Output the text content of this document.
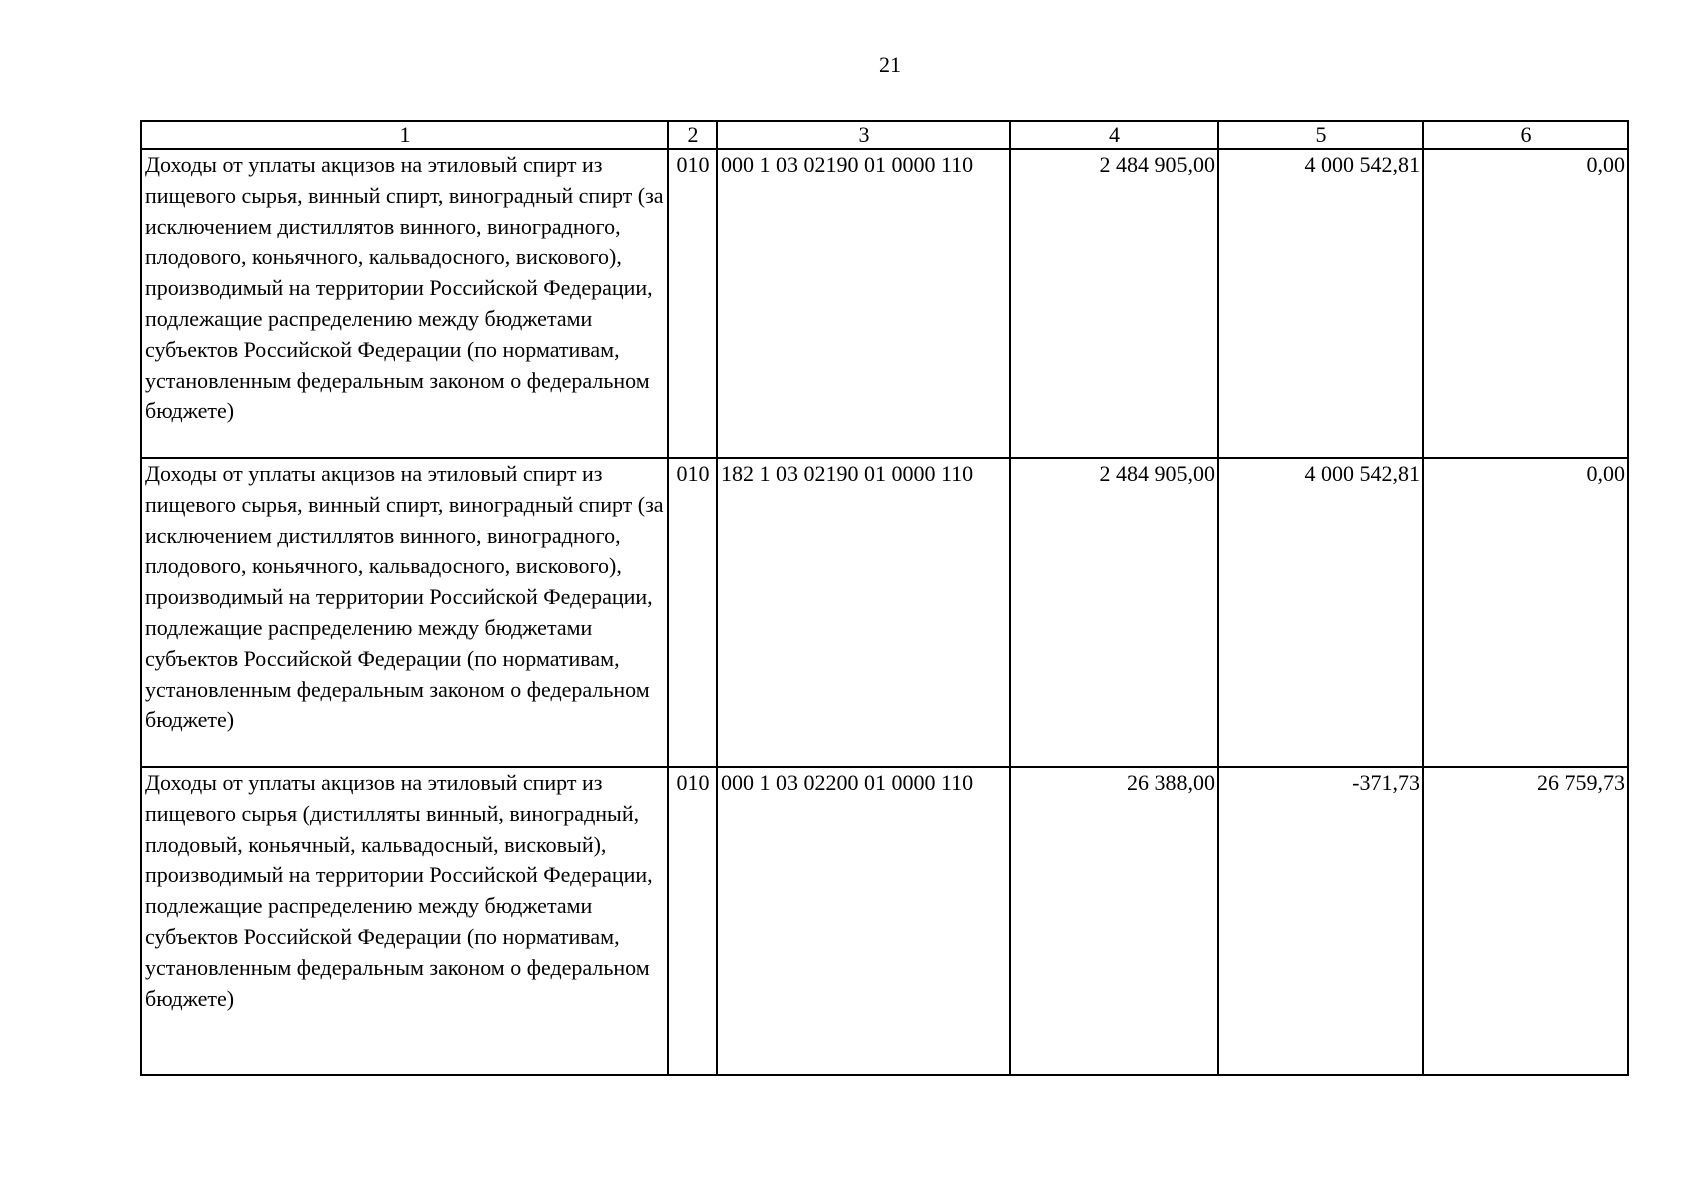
21
1	2	3	4	5	6
Доходы от уплаты акцизов на этиловый спирт из пищевого сырья, винный спирт, виноградный спирт (за исключением дистиллятов винного, виноградного, плодового, коньячного, кальвадосного, вискового), производимый на территории Российской Федерации, подлежащие распределению между бюджетами субъектов Российской Федерации (по нормативам, установленным федеральным законом о федеральном бюджете)	010	000 1 03 02190 01 0000 110	2 484 905,00	4 000 542,81	0,00
Доходы от уплаты акцизов на этиловый спирт из пищевого сырья, винный спирт, виноградный спирт (за исключением дистиллятов винного, виноградного, плодового, коньячного, кальвадосного, вискового), производимый на территории Российской Федерации, подлежащие распределению между бюджетами субъектов Российской Федерации (по нормативам, установленным федеральным законом о федеральном бюджете)	010	182 1 03 02190 01 0000 110	2 484 905,00	4 000 542,81	0,00
Доходы от уплаты акцизов на этиловый спирт из пищевого сырья (дистилляты винный, виноградный, плодовый, коньячный, кальвадосный, висковый), производимый на территории Российской Федерации, подлежащие распределению между бюджетами субъектов Российской Федерации (по нормативам, установленным федеральным законом о федеральном бюджете)	010	000 1 03 02200 01 0000 110	26 388,00	-371,73	26 759,73
